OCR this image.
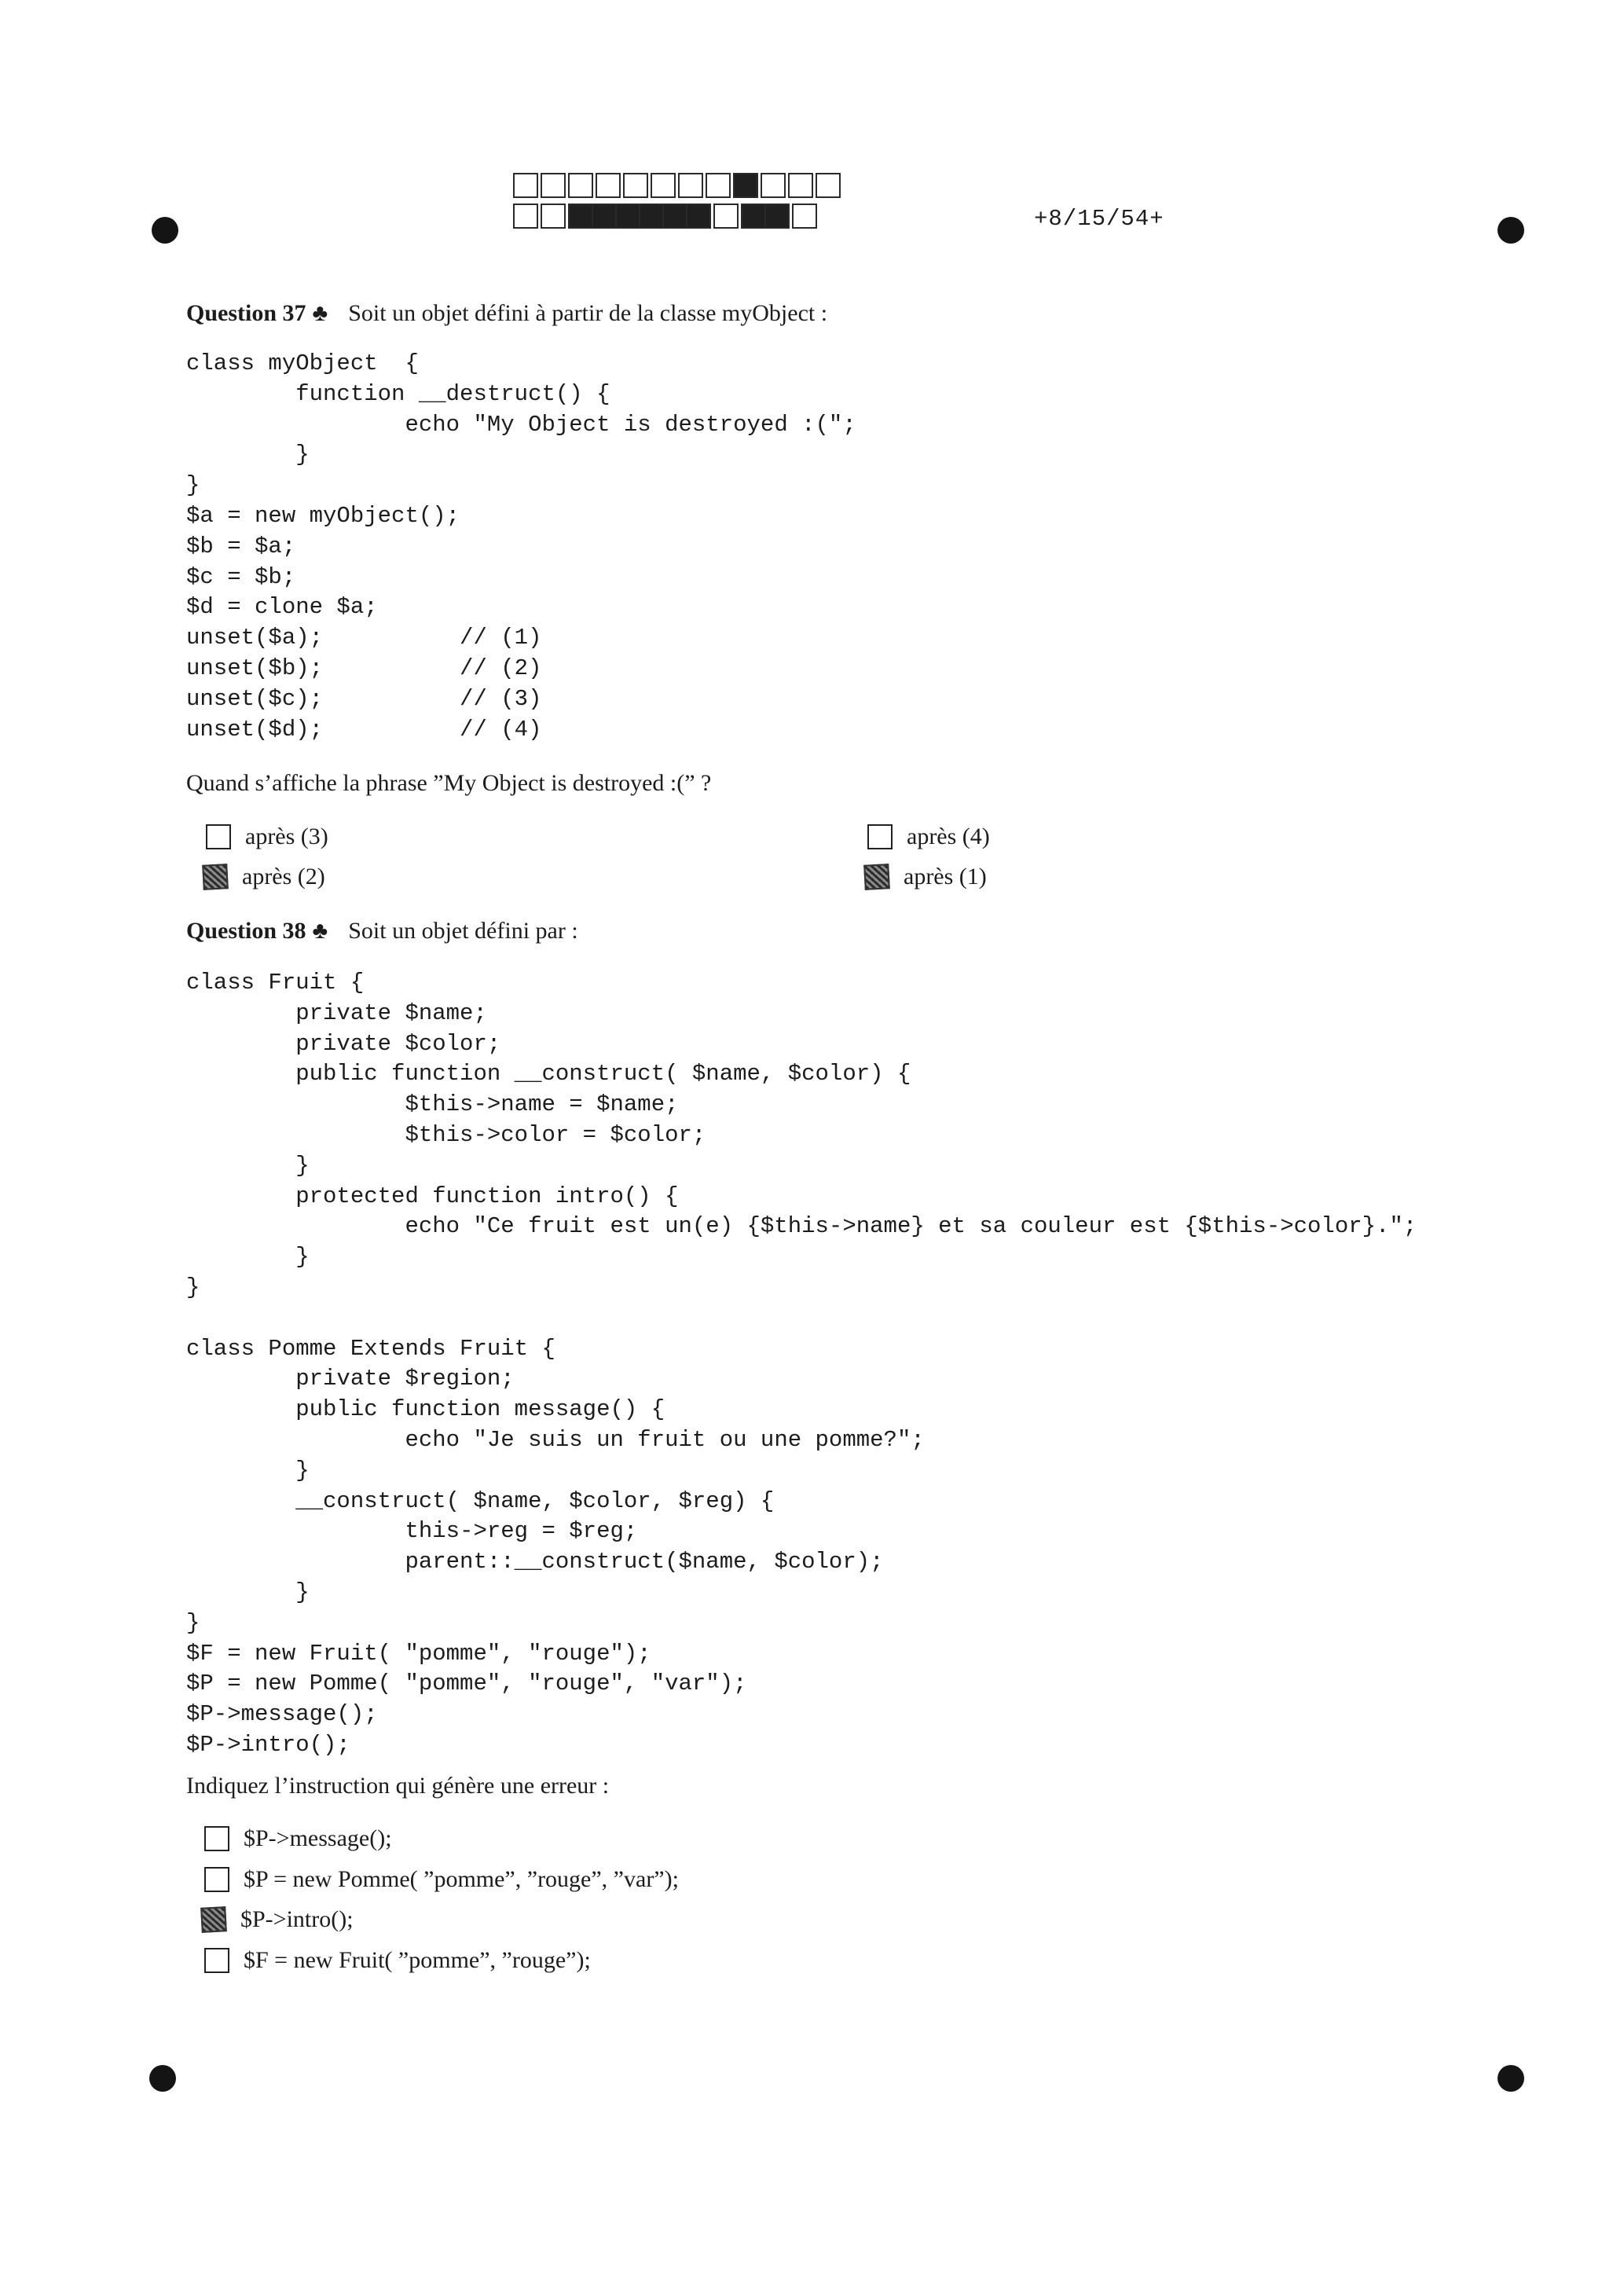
+8/15/54+
Question 37 ♣ Soit un objet défini à partir de la classe myObject :
class myObject  {
function __destruct() {
echo "My Object is destroyed :(";
}
}
$a = new myObject();
$b = $a;
$c = $b;
$d = clone $a;
unset($a);          // (1)
unset($b);          // (2)
unset($c);          // (3)
unset($d);          // (4)
Quand s’affiche la phrase ”My Object is destroyed :(” ?
après (3)	après (4)
après (2)	après (1)
Question 38 ♣ Soit un objet défini par :
class Fruit {
private $name;
private $color;
public function __construct( $name, $color) {
$this->name = $name;
$this->color = $color;
}
protected function intro() {
echo "Ce fruit est un(e) {$this->name} et sa couleur est {$this->color}.";
}
}

class Pomme Extends Fruit {
private $region;
public function message() {
echo "Je suis un fruit ou une pomme?";
}
__construct( $name, $color, $reg) {
this->reg = $reg;
parent::__construct($name, $color);
}
}
$F = new Fruit( "pomme", "rouge");
$P = new Pomme( "pomme", "rouge", "var");
$P->message();
$P->intro();
Indiquez l’instruction qui génère une erreur :
$P->message();
$P = new Pomme( ”pomme”, ”rouge”, ”var”);
$P->intro();
$F = new Fruit( ”pomme”, ”rouge”);
